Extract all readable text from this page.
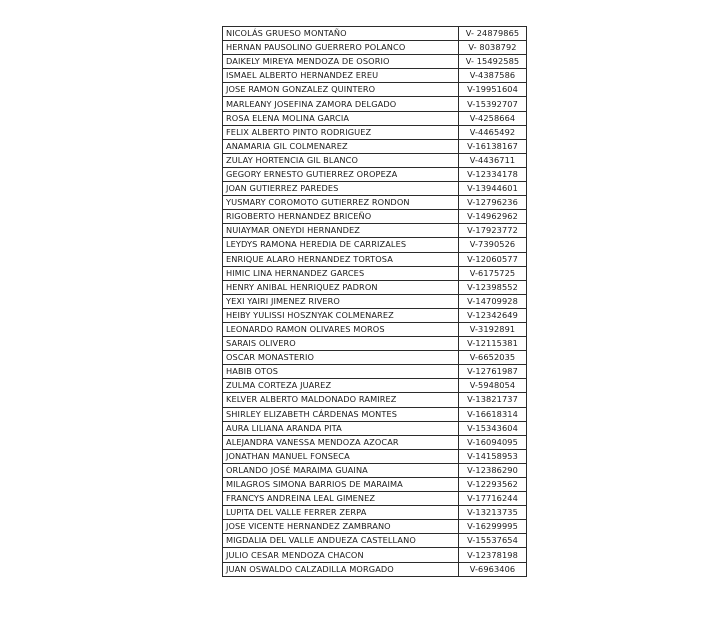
NICOLÁS GRUESO MONTAÑO	V- 24879865
HERNAN PAUSOLINO GUERRERO POLANCO	V- 8038792
DAIKELY MIREYA MENDOZA DE OSORIO	V- 15492585
ISMAEL ALBERTO HERNANDEZ EREU	V-4387586
JOSE RAMON GONZALEZ QUINTERO	V-19951604
MARLEANY JOSEFINA ZAMORA DELGADO	V-15392707
ROSA ELENA MOLINA GARCIA	V-4258664
FELIX ALBERTO PINTO RODRIGUEZ	V-4465492
ANAMARIA GIL COLMENAREZ	V-16138167
ZULAY HORTENCIA GIL BLANCO	V-4436711
GEGORY ERNESTO GUTIERREZ OROPEZA	V-12334178
JOAN GUTIERREZ PAREDES	V-13944601
YUSMARY COROMOTO GUTIERREZ RONDON	V-12796236
RIGOBERTO HERNANDEZ BRICEÑO	V-14962962
NUIAYMAR ONEYDI HERNANDEZ	V-17923772
LEYDYS RAMONA HEREDIA DE CARRIZALES	V-7390526
ENRIQUE ALARO HERNANDEZ TORTOSA	V-12060577
HIMIC LINA HERNANDEZ GARCES	V-6175725
HENRY ANIBAL HENRIQUEZ PADRON	V-12398552
YEXI YAIRI JIMENEZ RIVERO	V-14709928
HEIBY YULISSI HOSZNYAK COLMENAREZ	V-12342649
LEONARDO RAMON OLIVARES MOROS	V-3192891
SARAIS OLIVERO	V-12115381
OSCAR MONASTERIO	V-6652035
HABIB OTOS	V-12761987
ZULMA CORTEZA JUAREZ	V-5948054
KELVER ALBERTO MALDONADO RAMIREZ	V-13821737
SHIRLEY ELIZABETH CÁRDENAS MONTES	V-16618314
AURA LILIANA ARANDA PITA	V-15343604
ALEJANDRA VANESSA MENDOZA AZOCAR	V-16094095
JONATHAN MANUEL FONSECA	V-14158953
ORLANDO JOSÉ MARAIMA GUAINA	V-12386290
MILAGROS SIMONA BARRIOS DE MARAIMA	V-12293562
FRANCYS ANDREINA LEAL GIMENEZ	V-17716244
LUPITA DEL VALLE FERRER ZERPA	V-13213735
JOSE VICENTE HERNANDEZ ZAMBRANO	V-16299995
MIGDALIA DEL VALLE ANDUEZA CASTELLANO	V-15537654
JULIO CESAR MENDOZA CHACON	V-12378198
JUAN OSWALDO CALZADILLA MORGADO	V-6963406
